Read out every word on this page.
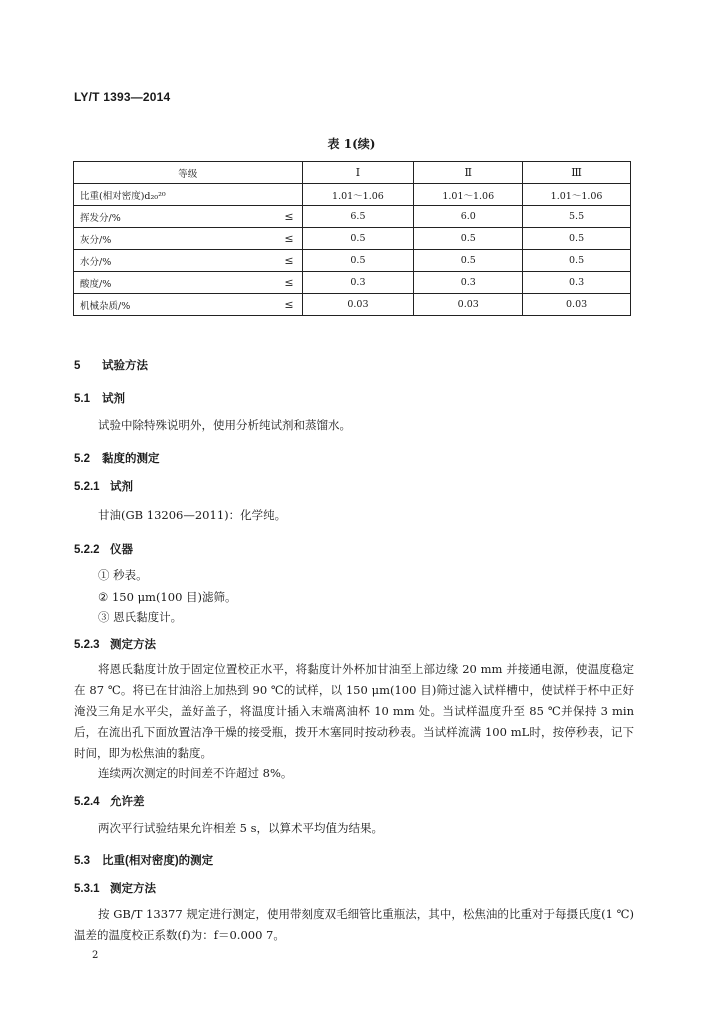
LY/T 1393—2014
表 1(续)
等级	Ⅰ	Ⅱ	Ⅲ

比重(相对密度)d₂₀²⁰	1.01～1.06	1.01～1.06	1.01～1.06

挥发分/% ≤	6.5	6.0	5.5

灰分/% ≤	0.5	0.5	0.5

水分/% ≤	0.5	0.5	0.5

酸度/% ≤	0.3	0.3	0.3

机械杂质/% ≤	0.03	0.03	0.03
5 试验方法
5.1 试剂
试验中除特殊说明外，使用分析纯试剂和蒸馏水。
5.2 黏度的测定
5.2.1 试剂
甘油(GB 13206—2011)：化学纯。
5.2.2 仪器
① 秒表。
② 150 μm(100 目)滤筛。
③ 恩氏黏度计。
5.2.3 测定方法
将恩氏黏度计放于固定位置校正水平，将黏度计外杯加甘油至上部边缘 20 mm 并接通电源，使温度稳定在 87 ℃。将已在甘油浴上加热到 90 ℃的试样，以 150 μm(100 目)筛过滤入试样槽中，使试样于杯中正好淹没三角足水平尖，盖好盖子，将温度计插入末端离油杯 10 mm 处。当试样温度升至 85 ℃并保持 3 min 后，在流出孔下面放置洁净干燥的接受瓶，拨开木塞同时按动秒表。当试样流满 100 mL时，按停秒表，记下时间，即为松焦油的黏度。
连续两次测定的时间差不许超过 8%。
5.2.4 允许差
两次平行试验结果允许相差 5 s，以算术平均值为结果。
5.3 比重(相对密度)的测定
5.3.1 测定方法
按 GB/T 13377 规定进行测定，使用带刻度双毛细管比重瓶法，其中，松焦油的比重对于每摄氏度(1 ℃)温差的温度校正系数(f)为：f＝0.000 7。
2
